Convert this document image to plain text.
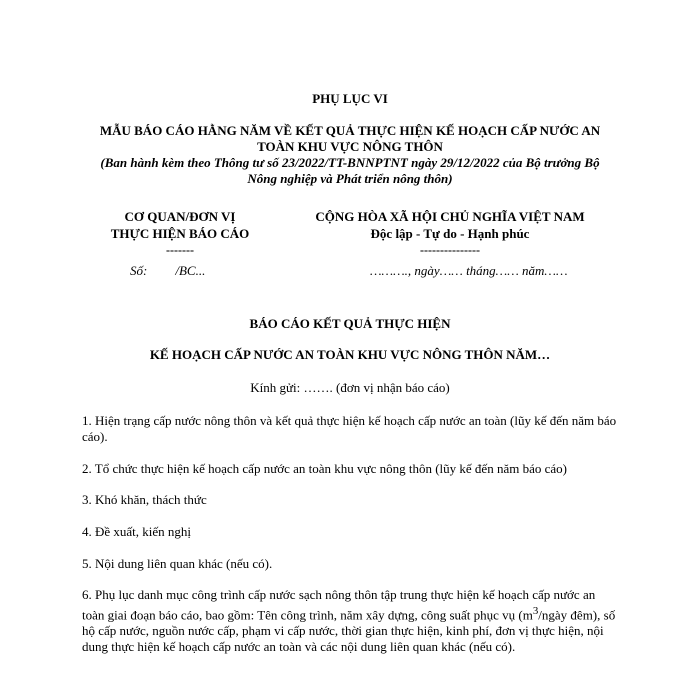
PHỤ LỤC VI
MẪU BÁO CÁO HẰNG NĂM VỀ KẾT QUẢ THỰC HIỆN KẾ HOẠCH CẤP NƯỚC AN
TOÀN KHU VỰC NÔNG THÔN
(Ban hành kèm theo Thông tư số 23/2022/TT-BNNPTNT ngày 29/12/2022 của Bộ trưởng Bộ
Nông nghiệp và Phát triển nông thôn)
CƠ QUAN/ĐƠN VỊ
THỰC HIỆN BÁO CÁO
-------
CỘNG HÒA XÃ HỘI CHỦ NGHĨA VIỆT NAM
Độc lập - Tự do - Hạnh phúc
---------------
Số: /BC...	………., ngày…… tháng…… năm……
BÁO CÁO KẾT QUẢ THỰC HIỆN
KẾ HOẠCH CẤP NƯỚC AN TOÀN KHU VỰC NÔNG THÔN NĂM…
Kính gửi: ……. (đơn vị nhận báo cáo)
1. Hiện trạng cấp nước nông thôn và kết quả thực hiện kế hoạch cấp nước an toàn (lũy kế đến năm báo cáo).
2. Tổ chức thực hiện kế hoạch cấp nước an toàn khu vực nông thôn (lũy kế đến năm báo cáo)
3. Khó khăn, thách thức
4. Đề xuất, kiến nghị
5. Nội dung liên quan khác (nếu có).
6. Phụ lục danh mục công trình cấp nước sạch nông thôn tập trung thực hiện kế hoạch cấp nước an toàn giai đoạn báo cáo, bao gồm: Tên công trình, năm xây dựng, công suất phục vụ ($m^3$/ngày đêm), số hộ cấp nước, nguồn nước cấp, phạm vi cấp nước, thời gian thực hiện, kinh phí, đơn vị thực hiện, nội dung thực hiện kế hoạch cấp nước an toàn và các nội dung liên quan khác (nếu có).
